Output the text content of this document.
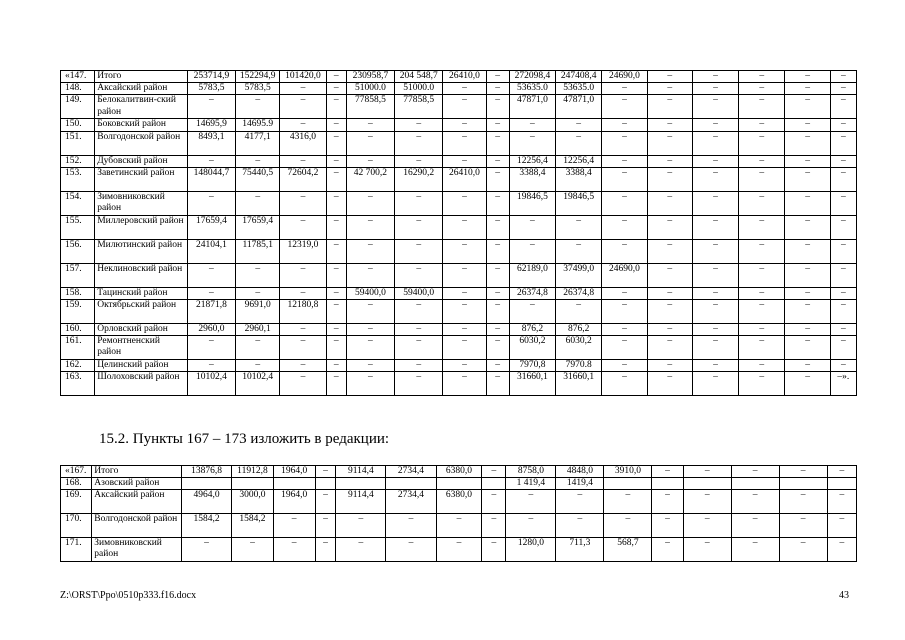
«147.	Итого	253714,9	152294,9	101420,0	–	230958,7	204 548,7	26410,0	–	272098,4	247408,4	24690,0	–	–	–	–	–
148.	Аксайский район	5783,5	5783,5	–	–	51000.0	51000.0	–	–	53635.0	53635.0	–	–	–	–	–	–
149.	Белокалитвин-ский район	–	–	–	–	77858,5	77858,5	–	–	47871,0	47871,0	–	–	–	–	–	–
150.	Боковский район	14695,9	14695.9	–	–	–	–	–	–	–	–	–	–	–	–	–	–
151.	Волгодонской район	8493,1	4177,1	4316,0	–	–	–	–	–	–	–	–	–	–	–	–	–
152.	Дубовский район	–	–	–	–	–	–	–	–	12256,4	12256,4	–	–	–	–	–	–
153.	Заветинский район	148044,7	75440,5	72604,2	–	42 700,2	16290,2	26410,0	–	3388,4	3388,4	–	–	–	–	–	–
154.	Зимовниковский район	–	–	–	–	–	–	–	–	19846,5	19846,5	–	–	–	–	–	–
155.	Миллеровский район	17659,4	17659,4	–	–	–	–	–	–	–	–	–	–	–	–	–	–
156.	Милютинский район	24104,1	11785,1	12319,0	–	–	–	–	–	–	–	–	–	–	–	–	–
157.	Неклиновский район	–	–	–	–	–	–	–	–	62189,0	37499,0	24690,0	–	–	–	–	–
158.	Тацинский район	–	–	–	–	59400,0	59400,0	–	–	26374,8	26374,8	–	–	–	–	–	–
159.	Октябрьский район	21871,8	9691,0	12180,8	–	–	–	–	–	–	–	–	–	–	–	–	–
160.	Орловский район	2960,0	2960,1	–	–	–	–	–	–	876,2	876,2	–	–	–	–	–	–
161.	Ремонтненский район	–	–	–	–	–	–	–	–	6030,2	6030,2	–	–	–	–	–	–
162.	Целинский район	–	–	–	–	–	–	–	–	7970,8	7970.8	–	–	–	–	–	–
163.	Шолоховский район	10102,4	10102,4	–	–	–	–	–	–	31660,1	31660,1	–	–	–	–	–	–».
15.2. Пункты 167 – 173 изложить в редакции:
«167.	Итого	13876,8	11912,8	1964,0	–	9114,4	2734,4	6380,0	–	8758,0	4848,0	3910,0	–	–	–	–	–
168.	Азовский район									1 419,4	1419,4						
169.	Аксайский район	4964,0	3000,0	1964,0	–	9114,4	2734,4	6380,0	–	–	–	–	–	–	–	–	–
170.	Волгодонской район	1584,2	1584,2	–	–	–	–	–	–	–	–	–	–	–	–	–	–
171.	Зимовниковский район	–	–	–	–	–	–	–	–	1280,0	711,3	568,7	–	–	–	–	–
Z:\ORST\Ppo\0510p333.f16.docx	43
